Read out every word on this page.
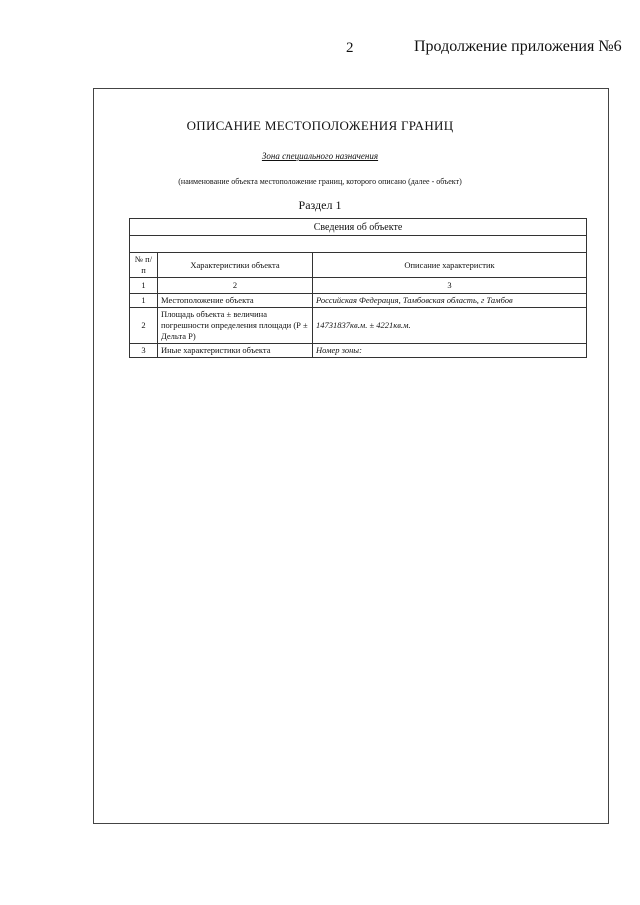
2	Продолжение приложения №6
ОПИСАНИЕ МЕСТОПОЛОЖЕНИЯ ГРАНИЦ
Зона специального назначения
(наименование объекта местоположение границ, которого описано (далее - объект)
Раздел 1
Сведения об объекте		

№ п/п	Характеристики объекта	Описание характеристик
1	2	3
1	Местоположение объекта	Российская Федерация, Тамбовская область, г Тамбов
2	Площадь объекта ± величина погрешности определения площади (Р ± Дельта Р)	14731837кв.м. ± 4221кв.м.
3	Иные характеристики объекта	Номер зоны:
